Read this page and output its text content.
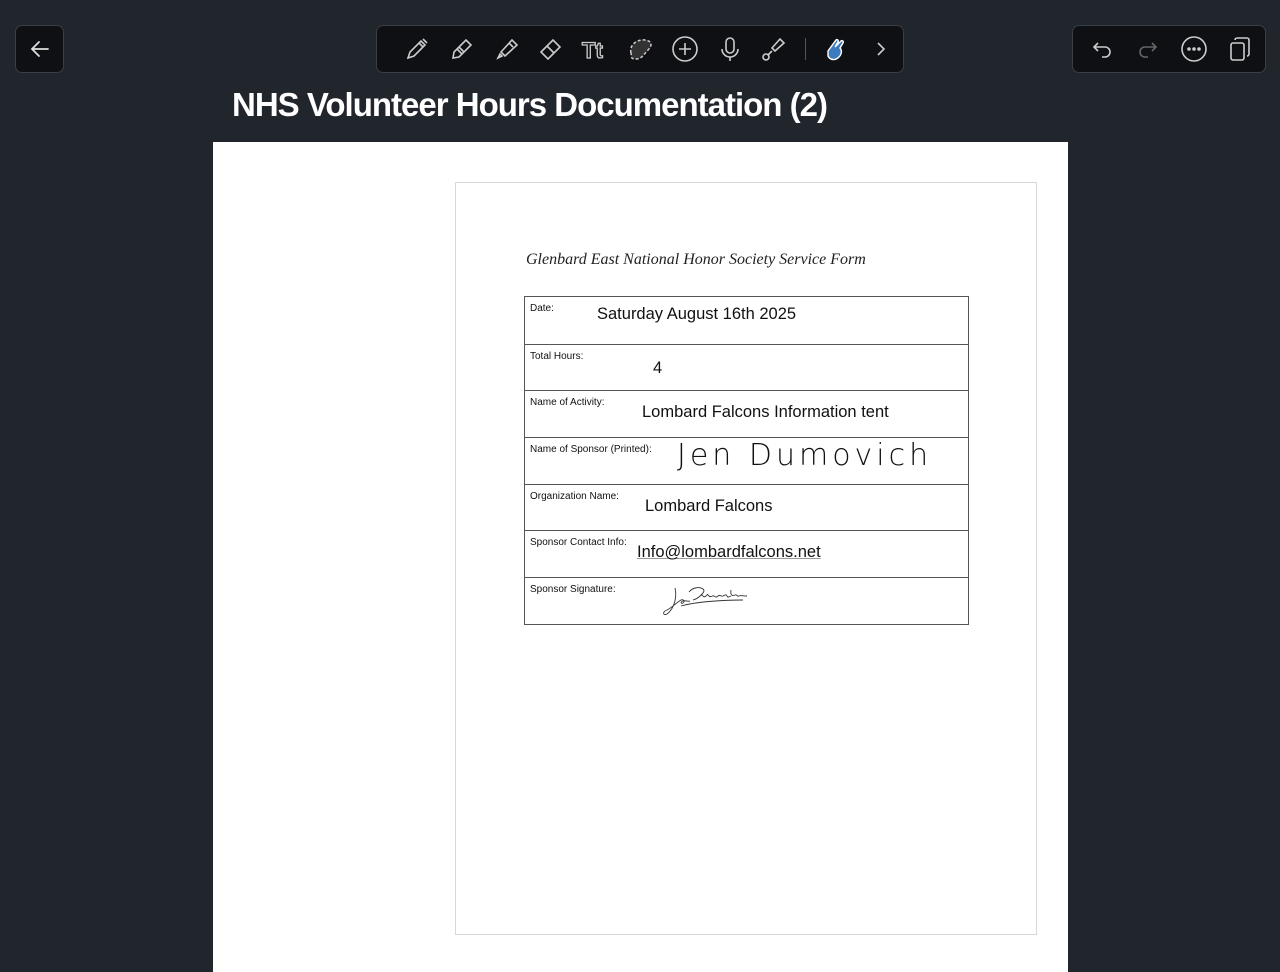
Tt
NHS Volunteer Hours Documentation (2)
Glenbard East National Honor Society Service Form
Date:	Saturday August 16th 2025
Total Hours:
4
Name of Activity:
Lombard Falcons Information tent
Name of Sponsor (Printed): Jen Dumovich
Organization Name:
Lombard Falcons
Sponsor Contact Info:
Info@lombardfalcons.net
Sponsor Signature:
